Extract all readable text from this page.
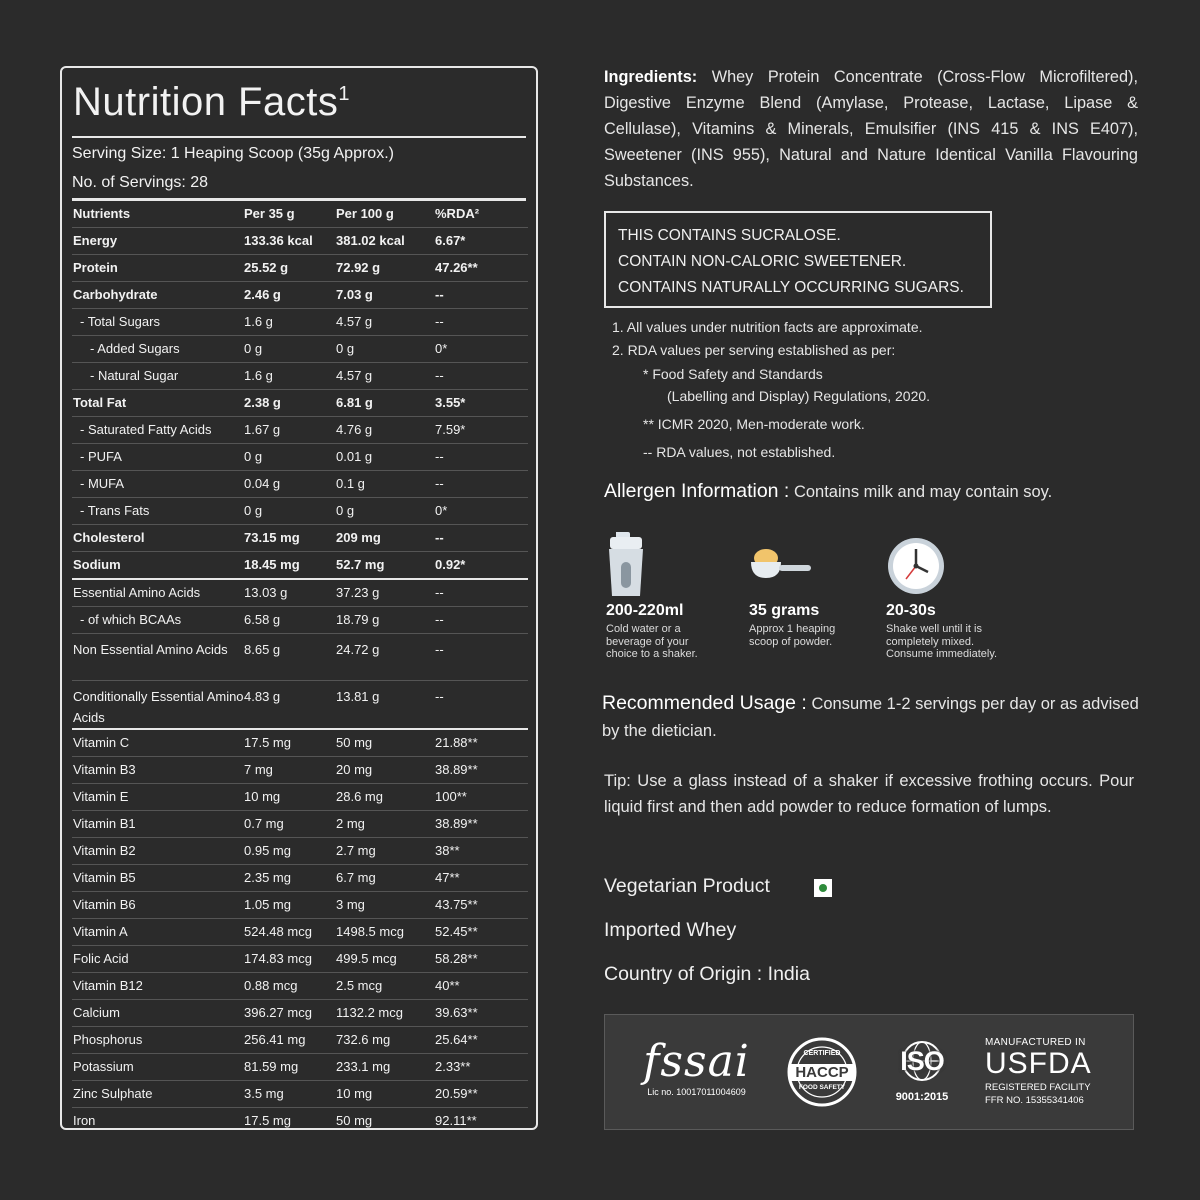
Nutrition Facts$^1$
Serving Size: 1 Heaping Scoop (35g Approx.)
No. of Servings: 28
Nutrients	Per 35 g	Per 100 g	%RDA²
Energy	133.36 kcal	381.02 kcal	6.67*
Protein	25.52 g	72.92 g	47.26**
Carbohydrate	2.46 g	7.03 g	--
- Total Sugars	1.6 g	4.57 g	--
- Added Sugars	0 g	0 g	0*
- Natural Sugar	1.6 g	4.57 g	--
Total Fat	2.38 g	6.81 g	3.55*
- Saturated Fatty Acids	1.67 g	4.76 g	7.59*
- PUFA	0 g	0.01 g	--
- MUFA	0.04 g	0.1 g	--
- Trans Fats	0 g	0 g	0*
Cholesterol	73.15 mg	209 mg	--
Sodium	18.45 mg	52.7 mg	0.92*
Essential Amino Acids	13.03 g	37.23 g	--
- of which BCAAs	6.58 g	18.79 g	--
Non Essential Amino Acids	8.65 g	24.72 g	--
Conditionally Essential Amino Acids	4.83 g	13.81 g	--
Vitamin C	17.5 mg	50 mg	21.88**
Vitamin B3	7 mg	20 mg	38.89**
Vitamin E	10 mg	28.6 mg	100**
Vitamin B1	0.7 mg	2 mg	38.89**
Vitamin B2	0.95 mg	2.7 mg	38**
Vitamin B5	2.35 mg	6.7 mg	47**
Vitamin B6	1.05 mg	3 mg	43.75**
Vitamin A	524.48 mcg	1498.5 mcg	52.45**
Folic Acid	174.83 mcg	499.5 mcg	58.28**
Vitamin B12	0.88 mcg	2.5 mcg	40**
Calcium	396.27 mcg	1132.2 mcg	39.63**
Phosphorus	256.41 mg	732.6 mg	25.64**
Potassium	81.59 mg	233.1 mg	2.33**
Zinc Sulphate	3.5 mg	10 mg	20.59**
Iron	17.5 mg	50 mg	92.11**
Ingredients: Whey Protein Concentrate (Cross-Flow Microfiltered), Digestive Enzyme Blend (Amylase, Protease, Lactase, Lipase & Cellulase), Vitamins & Minerals, Emulsifier (INS 415 & INS E407), Sweetener (INS 955), Natural and Nature Identical Vanilla Flavouring Substances.
THIS CONTAINS SUCRALOSE.
CONTAIN NON-CALORIC SWEETENER.
CONTAINS NATURALLY OCCURRING SUGARS.
1. All values under nutrition facts are approximate.
2. RDA values per serving established as per:
* Food Safety and Standards
(Labelling and Display) Regulations, 2020.
** ICMR 2020, Men-moderate work.
-- RDA values, not established.
Allergen Information : Contains milk and may contain soy.
200-220ml
Cold water or a beverage of your choice to a shaker.
35 grams
Approx 1 heaping scoop of powder.
20-30s
Shake well until it is completely mixed. Consume immediately.
Recommended Usage : Consume 1-2 servings per day or as advised by the dietician.
Tip: Use a glass instead of a shaker if excessive frothing occurs. Pour liquid first and then add powder to reduce formation of lumps.
Vegetarian Product
Imported Whey
Country of Origin : India
fssai
Lic no. 10017011004609
CERTIFIED
HACCP
FOOD SAFETY
ISO
9001:2015
MANUFACTURED IN
USFDA
REGISTERED FACILITY
FFR NO. 15355341406
